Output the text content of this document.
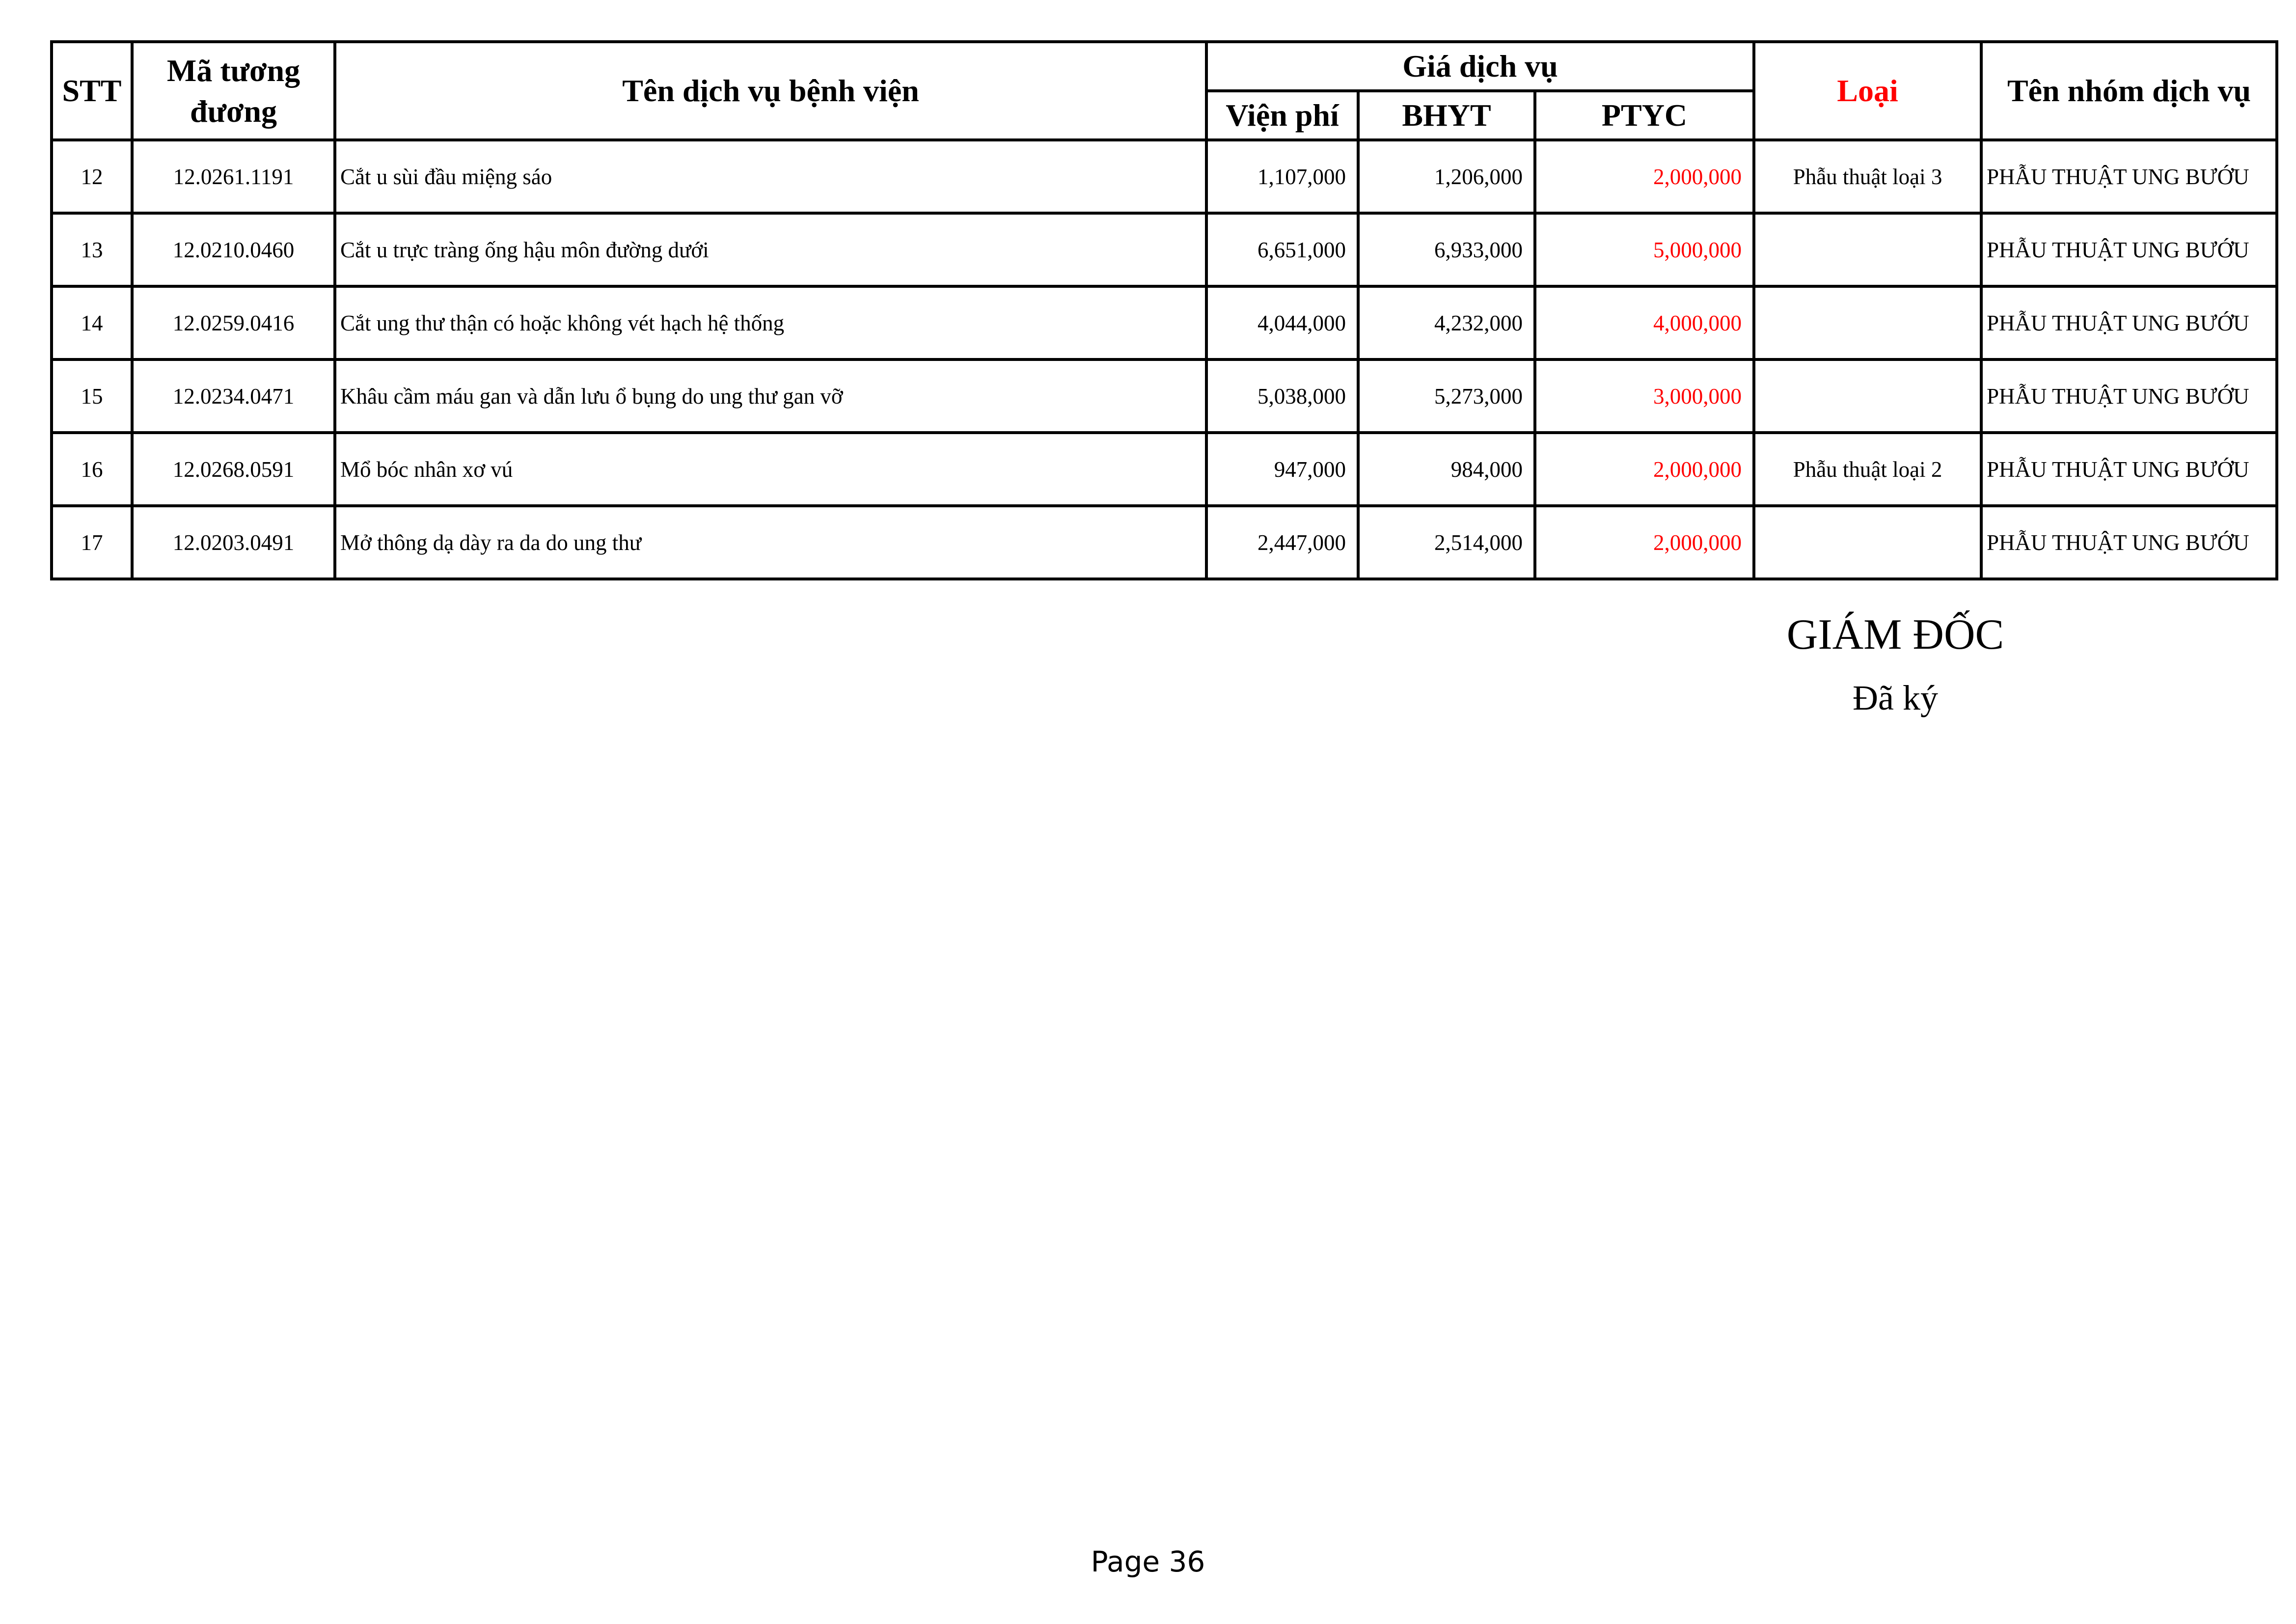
STT	Mã tương đương	Tên dịch vụ bệnh viện	Giá dịch vụ			Loại	Tên nhóm dịch vụ
			Viện phí	BHYT	PTYC		
12	12.0261.1191	Cắt u sùi đầu miệng sáo	1,107,000	1,206,000	2,000,000	Phẫu thuật loại 3	PHẪU THUẬT UNG BƯỚU
13	12.0210.0460	Cắt u trực tràng ống hậu môn đường dưới	6,651,000	6,933,000	5,000,000		PHẪU THUẬT UNG BƯỚU
14	12.0259.0416	Cắt ung thư thận có hoặc không vét hạch hệ thống	4,044,000	4,232,000	4,000,000		PHẪU THUẬT UNG BƯỚU
15	12.0234.0471	Khâu cầm máu gan và dẫn lưu ổ bụng do ung thư gan vỡ	5,038,000	5,273,000	3,000,000		PHẪU THUẬT UNG BƯỚU
16	12.0268.0591	Mổ bóc nhân xơ vú	947,000	984,000	2,000,000	Phẫu thuật loại 2	PHẪU THUẬT UNG BƯỚU
17	12.0203.0491	Mở thông dạ dày ra da do ung thư	2,447,000	2,514,000	2,000,000		PHẪU THUẬT UNG BƯỚU
GIÁM ĐỐC
Đã ký
Page 36
